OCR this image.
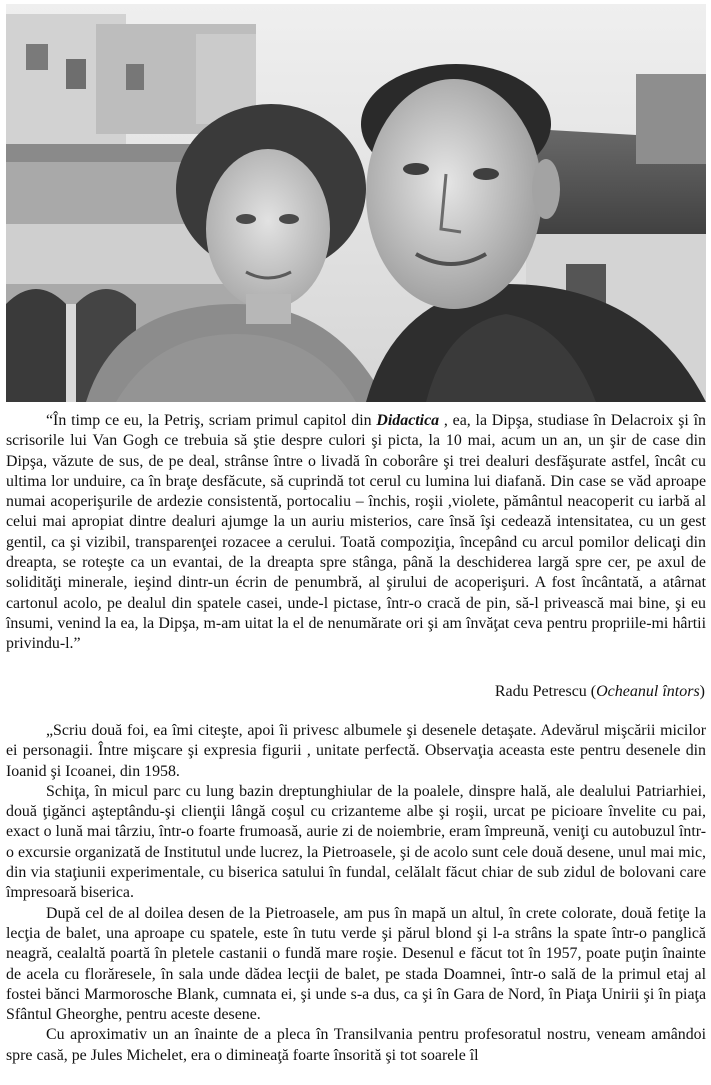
“În timp ce eu, la Petriş, scriam primul capitol din Didactica , ea, la Dipşa, studiase în Delacroix şi în scrisorile lui Van Gogh ce trebuia să ştie despre culori şi picta, la 10 mai, acum un an, un şir de case din Dipşa, văzute de sus, de pe deal, strânse între o livadă în coborâre şi trei dealuri desfăşurate astfel, încât cu ultima lor unduire, ca în braţe desfăcute, să cuprindă tot cerul cu lumina lui diafană. Din case se văd aproape numai acoperişurile de ardezie consistentă, portocaliu – închis, roşii ,violete, pământul neacoperit cu iarbă al celui mai apropiat dintre dealuri ajumge la un auriu misterios, care însă îşi cedează intensitatea, cu un gest gentil, ca şi vizibil, transparenţei rozacee a cerului. Toată compoziţia, începând cu arcul pomilor delicaţi din dreapta, se roteşte ca un evantai, de la dreapta spre stânga, până la deschiderea largă spre cer, pe axul de solidităţi minerale, ieşind dintr-un écrin de penumbră, al şirului de acoperişuri. A fost încântată, a atârnat cartonul acolo, pe dealul din spatele casei, unde-l pictase, într-o cracă de pin, să-l privească mai bine, şi eu însumi, venind la ea, la Dipşa, m-am uitat la el de nenumărate ori şi am învăţat ceva pentru propriile-mi hârtii privindu-l.”

Radu Petrescu (Ocheanul întors)

„Scriu două foi, ea îmi citeşte, apoi îi privesc albumele şi desenele detaşate. Adevărul mişcării micilor ei personagii. Între mişcare şi expresia figurii , unitate perfectă. Observaţia aceasta este pentru desenele din Ioanid şi Icoanei, din 1958.

Schiţa, în micul parc cu lung bazin dreptunghiular de la poalele, dinspre hală, ale dealului Patriarhiei, două ţigănci aşteptându-şi clienţii lângă coşul cu crizanteme albe şi roşii, urcat pe picioare învelite cu pai, exact o lună mai târziu, într-o foarte frumoasă, aurie zi de noiembrie, eram împreună, veniţi cu autobuzul într-o excursie organizată de Institutul unde lucrez, la Pietroasele, şi de acolo sunt cele două desene, unul mai mic, din via staţiunii experimentale, cu biserica satului în fundal, celălalt făcut chiar de sub zidul de bolovani care împresoară biserica.

După cel de al doilea desen de la Pietroasele, am pus în mapă un altul, în crete colorate, două fetiţe la lecţia de balet, una aproape cu spatele, este în tutu verde şi părul blond şi l-a strâns la spate într-o panglică neagră, cealaltă poartă în pletele castanii o fundă mare roşie. Desenul e făcut tot în 1957, poate puţin înainte de acela cu florăresele, în sala unde dădea lecţii de balet, pe stada Doamnei, într-o sală de la primul etaj al fostei bănci Marmorosche Blank, cumnata ei, şi unde s-a dus, ca şi în Gara de Nord, în Piaţa Unirii şi în piaţa Sfântul Gheorghe, pentru aceste desene.

Cu aproximativ un an înainte de a pleca în Transilvania pentru profesoratul nostru, veneam amândoi spre casă, pe Jules Michelet, era o dimineaţă foarte însorită şi tot soarele îl
